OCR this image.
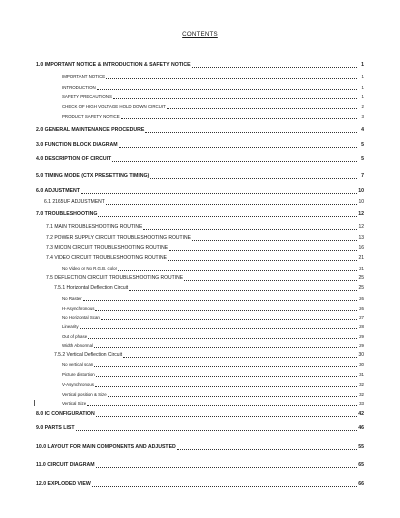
CONTENTS
1.0 IMPORTANT NOTICE & INTRODUCTION & SAFETY NOTICE	1
IMPORTANT NOTICE	1
INTRODUCTION	1
SAFETY PRECAUTIONS	1
CHECK OF HIGH VOLTAGE HOLD DOWN CIRCUIT	2
PRODUCT SAFETY NOTICE	3
2.0 GENERAL MAINTENANCE PROCEDURE	4
3.0 FUNCTION BLOCK DIAGRAM	5
4.0 DESCRIPTION OF CIRCUIT	5
5.0 TIMING MODE (CTX PRESETTING TIMING)	7
6.0 ADJUSTMENT	10
6.1 2165UF ADJUSTMENT	10
7.0 TROUBLESHOOTING	12
7.1 MAIN TROUBLESHOOTING ROUTINE	12
7.2 POWER SUPPLY CIRCUIT TROUBLESHOOTING ROUTINE	13
7.3 MICON CIRCUIT TROUBLESHOOTING ROUTINE	16
7.4 VIDEO CIRCUIT TROUBLESHOOTING ROUTINE	21
No Video or No R.G.B. color	21
7.5 DEFLECTION CIRCUIT TROUBLESHOOTING ROUTINE	25
7.5.1 Horizontal Deflection Circuit	25
No Raster	26
H-Asynchronous	26
No Horizontal Scan	27
Linearity	28
Out of phase	29
Width Abnormal	29
7.5.2 Vertical Deflection Circuit	30
No vertical scan	30
Picture distortion	31
V-Asynchronous	32
Vertical position & Size	32
Vertical Size	33
8.0 IC CONFIGURATION	42
9.0 PARTS LIST	46
10.0 LAYOUT FOR MAIN COMPONENTS AND ADJUSTED	55
11.0 CIRCUIT DIAGRAM	65
12.0 EXPLODED VIEW	66
